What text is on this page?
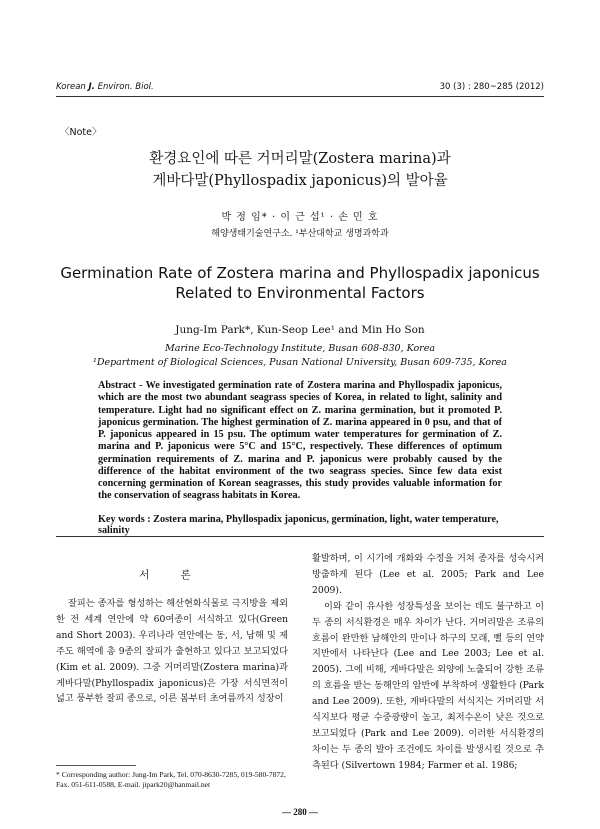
Korean J. Environ. Biol.	30 (3) : 280~285 (2012)
〈Note〉
환경요인에 따른 거머리말(Zostera marina)과
게바다말(Phyllospadix japonicus)의 발아율
박 정 임* · 이 근 섭¹ · 손 민 호
해양생태기술연구소. ¹부산대학교 생명과학과
Germination Rate of Zostera marina and Phyllospadix japonicus
Related to Environmental Factors
Jung-Im Park*, Kun-Seop Lee¹ and Min Ho Son
Marine Eco-Technology Institute, Busan 608-830, Korea
¹Department of Biological Sciences, Pusan National University, Busan 609-735, Korea
Abstract - We investigated germination rate of Zostera marina and Phyllospadix japonicus, which are the most two abundant seagrass species of Korea, in related to light, salinity and temperature. Light had no significant effect on Z. marina germination, but it promoted P. japonicus germination. The highest germination of Z. marina appeared in 0 psu, and that of P. japonicus appeared in 15 psu. The optimum water temperatures for germination of Z. marina and P. japonicus were 5°C and 15°C, respectively. These differences of optimum germination requirements of Z. marina and P. japonicus were probably caused by the difference of the habitat environment of the two seagrass species. Since few data exist concerning germination of Korean seagrasses, this study provides valuable information for the conservation of seagrass habitats in Korea.
Key words : Zostera marina, Phyllospadix japonicus, germination, light, water temperature, salinity
서 론

잘피는 종자를 형성하는 해산현화식물로 극지방을 제외한 전 세계 연안에 약 60여종이 서식하고 있다(Green and Short 2003). 우리나라 연안에는 동, 서, 남해 및 제주도 해역에 총 9종의 잘피가 출현하고 있다고 보고되었다 (Kim et al. 2009). 그중 거머리말(Zostera marina)과 게바다말(Phyllospadix japonicus)은 가장 서식면적이 넓고 풍부한 잘피 종으로, 이른 봄부터 초여름까지 성장이

활발하며, 이 시기에 개화와 수정을 거쳐 종자를 성숙시켜 방출하게 된다 (Lee et al. 2005; Park and Lee 2009).

이와 같이 유사한 성장특성을 보이는 데도 불구하고 이 두 종의 서식환경은 매우 차이가 난다. 거머리말은 조류의 흐름이 완만한 남해안의 만이나 하구의 모래, 뻘 등의 연약지반에서 나타난다 (Lee and Lee 2003; Lee et al. 2005). 그에 비해, 게바다말은 외양에 노출되어 강한 조류의 흐름을 받는 동해안의 암반에 부착하여 생활한다 (Park and Lee 2009). 또한, 게바다말의 서식지는 거머리말 서식지보다 평균 수중광량이 높고, 최저수온이 낮은 것으로 보고되었다 (Park and Lee 2009). 이러한 서식환경의 차이는 두 종의 발아 조건에도 차이를 발생시킬 것으로 추측된다 (Silvertown 1984; Farmer et al. 1986;

* Corresponding author: Jung-Im Park, Tel. 070-8630-7285, 019-580-7872, Fax. 051-611-0588, E-mail. jipark20@hanmail.net
— 280 —
